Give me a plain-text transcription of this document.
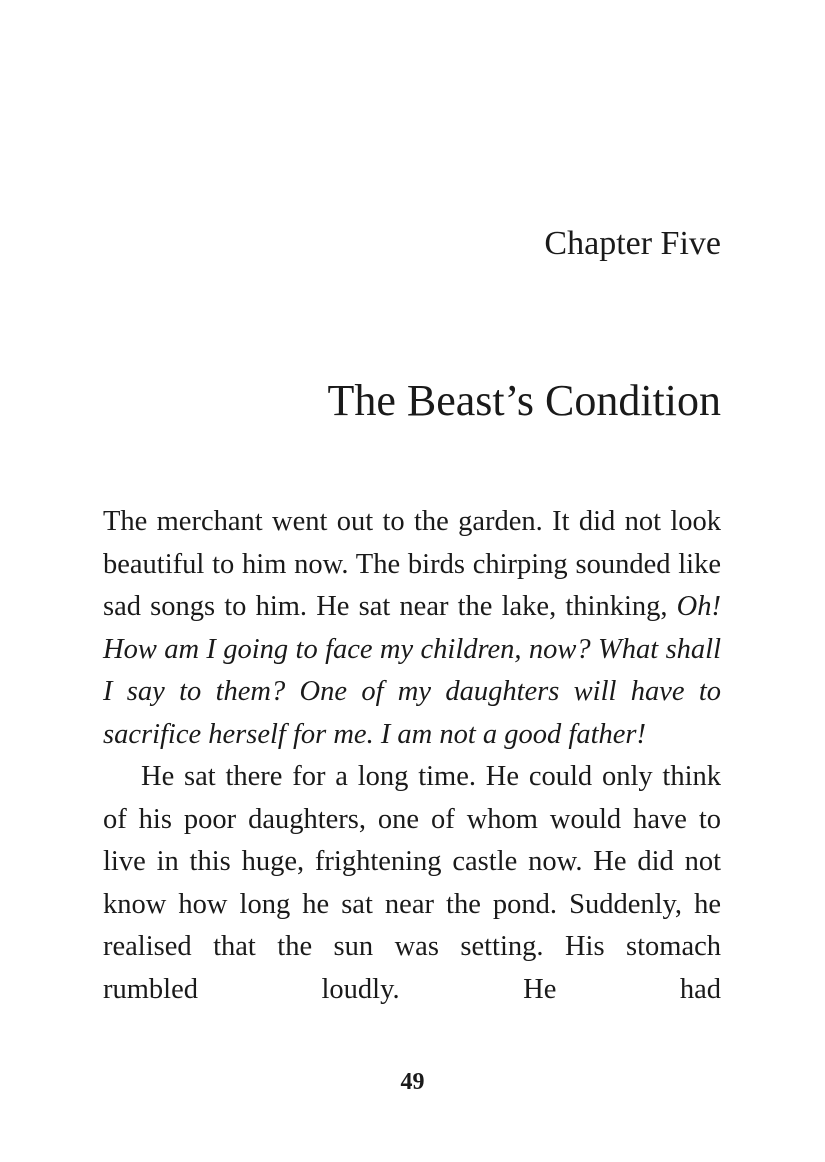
Chapter Five
The Beast’s Condition

The merchant went out to the garden. It did not look beautiful to him now. The birds chirping sounded like sad songs to him. He sat near the lake, thinking, Oh! How am I going to face my children, now? What shall I say to them? One of my daughters will have to sacrifice herself for me. I am not a good father!

He sat there for a long time. He could only think of his poor daughters, one of whom would have to live in this huge, frightening castle now. He did not know how long he sat near the pond. Suddenly, he realised that the sun was setting. His stomach rumbled loudly. He had

49
